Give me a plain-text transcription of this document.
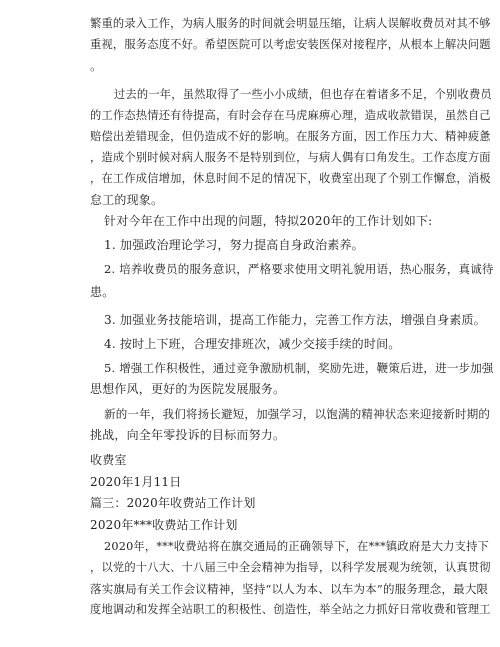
繁重的录入工作，为病人服务的时间就会明显压缩，让病人误解收费员对其不够
重视，服务态度不好。希望医院可以考虑安装医保对接程序，从根本上解决问题
。
过去的一年，虽然取得了一些小小成绩，但也存在着诸多不足，个别收费员
的工作态热情还有待提高，有时会存在马虎麻痹心理，造成收款错误，虽然自己
赔偿出差错现金，但仍造成不好的影响。在服务方面，因工作压力大、精神疲惫
，造成个别时候对病人服务不是特别到位，与病人偶有口角发生。工作态度方面
，在工作成信增加，休息时间不足的情况下，收费室出现了个别工作懈怠，消极
怠工的现象。
针对今年在工作中出现的问题，特拟2020年的工作计划如下:
1. 加强政治理论学习，努力提高自身政治素养。
2. 培养收费员的服务意识，严格要求使用文明礼貌用语，热心服务，真诚待
患。
3. 加强业务技能培训，提高工作能力，完善工作方法，增强自身素质。
4. 按时上下班，合理安排班次，减少交接手续的时间。
5. 增强工作积极性，通过竞争激励机制，奖励先进，鞭策后进，进一步加强
思想作风，更好的为医院发展服务。
新的一年，我们将扬长避短，加强学习，以饱满的精神状态来迎接新时期的
挑战，向全年零投诉的目标而努力。
收费室
2020年1月11日
篇三：2020年收费站工作计划
2020年***收费站工作计划
2020年，***收费站将在旗交通局的正确领导下，在***镇政府是大力支持下
，以党的十八大、十八届三中全会精神为指导，以科学发展观为统领，认真贯彻
落实旗局有关工作会议精神，坚持“以人为本、以车为本”的服务理念，最大限
度地调动和发挥全站职工的积极性、创造性，举全站之力抓好日常收费和管理工
